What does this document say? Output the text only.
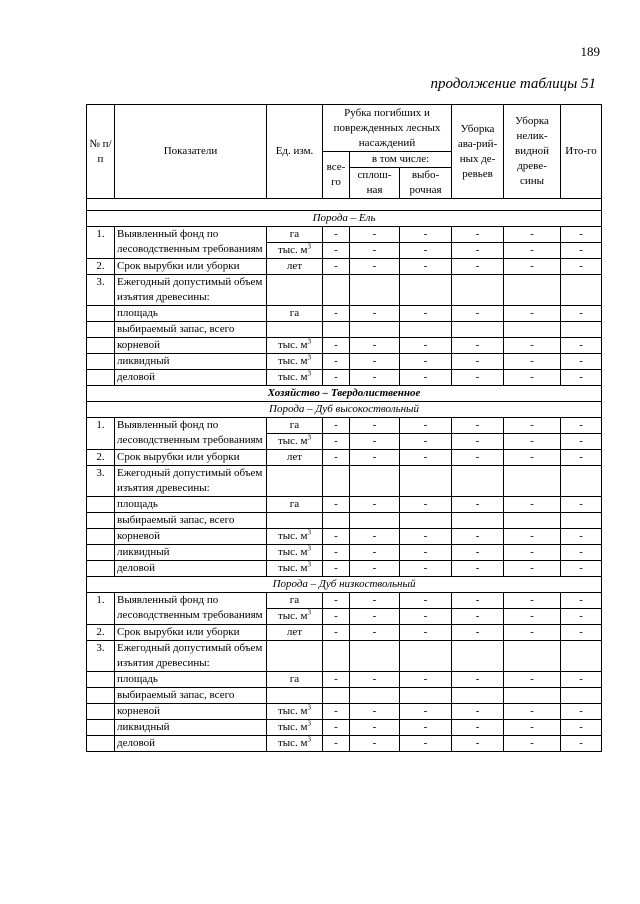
189
продолжение таблицы 51
№ п/п	Показатели	Ед. изм.	Рубка погибших и поврежденных лесных насаждений			Уборка ава-рий-ных де-ревьев	Уборка нелик-видной древе-сины	Ито-го
			все-го	в том числе:				
				сплош-ная	выбо-рочная			

Порода – Ель								
1.	Выявленный фонд по лесоводственным требованиям	га	-	-	-	-	-	-
		тыс. $м^3$	-	-	-	-	-	-
2.	Срок вырубки или уборки	лет	-	-	-	-	-	-
3.	Ежегодный допустимый объем изъятия древесины:							
	площадь	га	-	-	-	-	-	-
	выбираемый запас, всего							
	корневой	тыс. $м^3$	-	-	-	-	-	-
	ликвидный	тыс. $м^3$	-	-	-	-	-	-
	деловой	тыс. $м^3$	-	-	-	-	-	-
Хозяйство – Твердолиственное								
Порода – Дуб высокоствольный								
1.	Выявленный фонд по лесоводственным требованиям	га	-	-	-	-	-	-
		тыс. $м^3$	-	-	-	-	-	-
2.	Срок вырубки или уборки	лет	-	-	-	-	-	-
3.	Ежегодный допустимый объем изъятия древесины:							
	площадь	га	-	-	-	-	-	-
	выбираемый запас, всего							
	корневой	тыс. $м^3$	-	-	-	-	-	-
	ликвидный	тыс. $м^3$	-	-	-	-	-	-
	деловой	тыс. $м^3$	-	-	-	-	-	-
Порода – Дуб низкоствольный								
1.	Выявленный фонд по лесоводственным требованиям	га	-	-	-	-	-	-
		тыс. $м^3$	-	-	-	-	-	-
2.	Срок вырубки или уборки	лет	-	-	-	-	-	-
3.	Ежегодный допустимый объем изъятия древесины:							
	площадь	га	-	-	-	-	-	-
	выбираемый запас, всего							
	корневой	тыс. $м^3$	-	-	-	-	-	-
	ликвидный	тыс. $м^3$	-	-	-	-	-	-
	деловой	тыс. $м^3$	-	-	-	-	-	-
